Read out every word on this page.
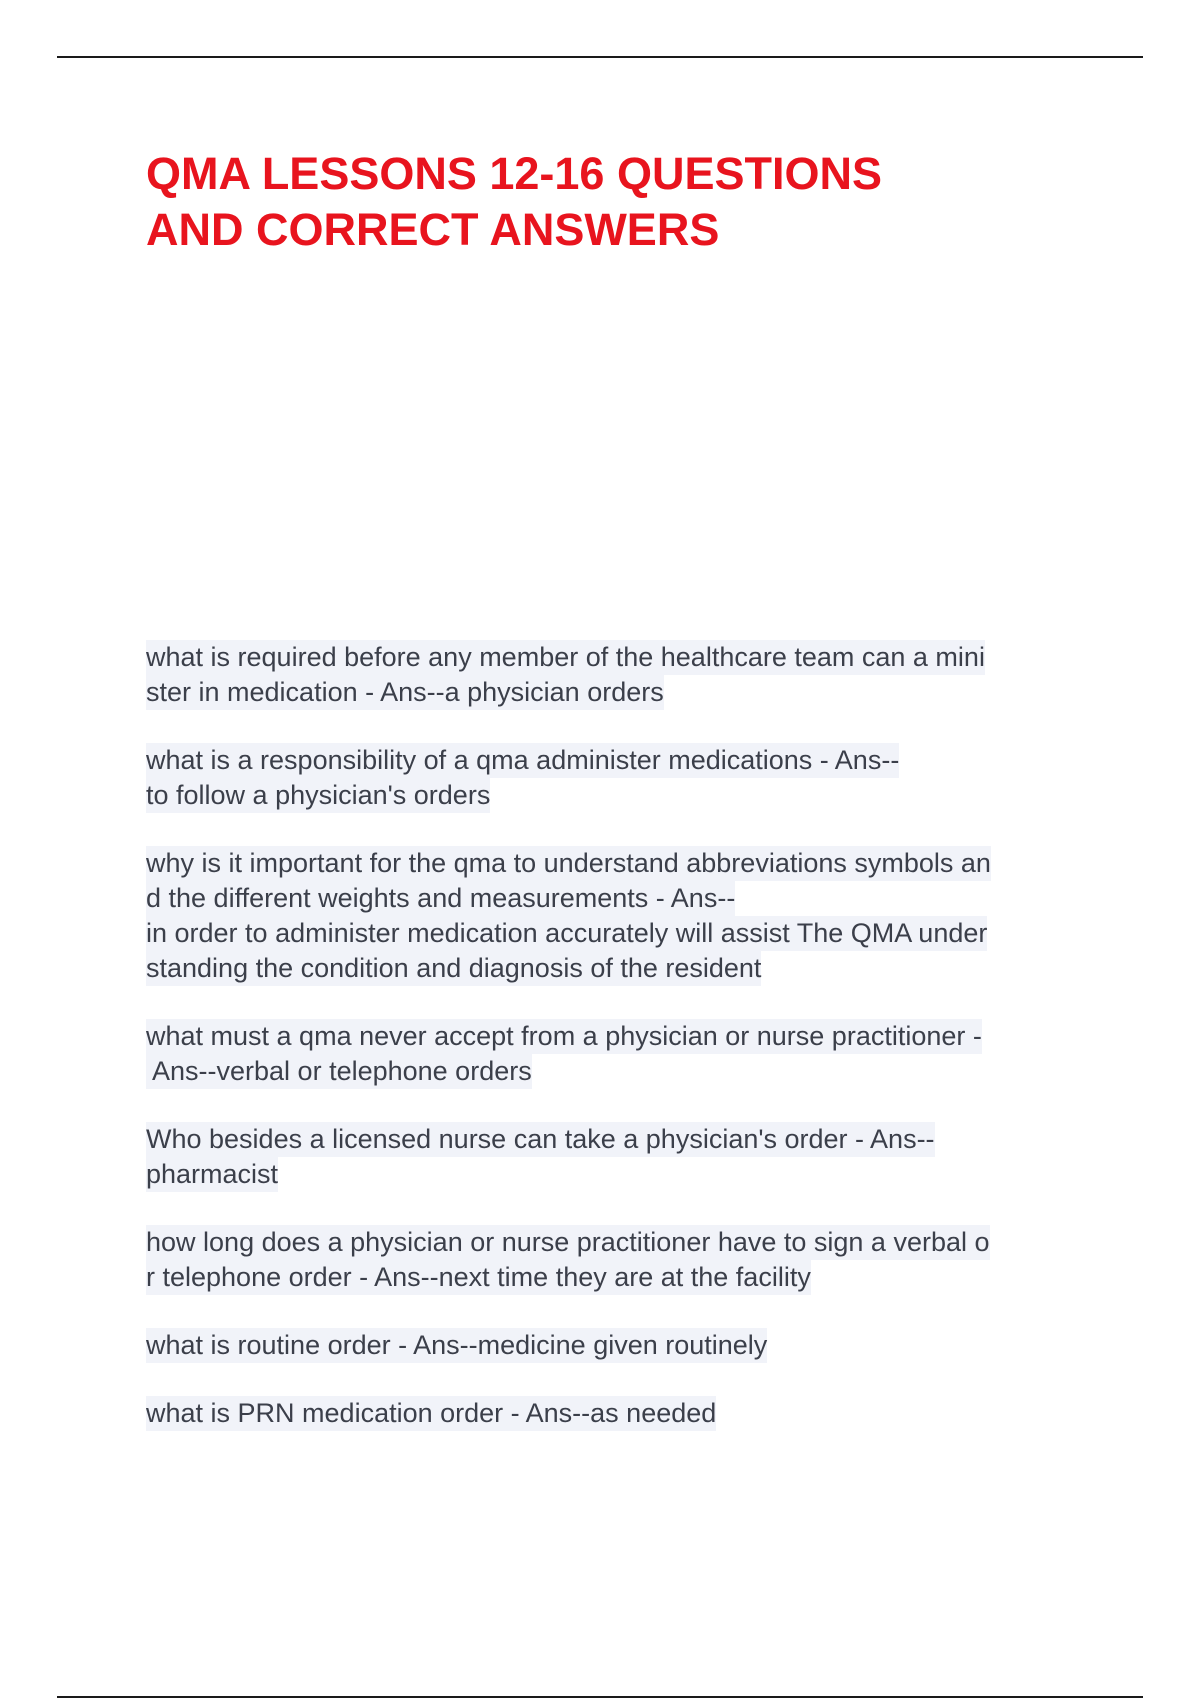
QMA LESSONS 12-16 QUESTIONS
AND CORRECT ANSWERS
what is required before any member of the healthcare team can a mini
ster in medication - Ans--a physician orders
what is a responsibility of a qma administer medications - Ans--
to follow a physician's orders
why is it important for the qma to understand abbreviations symbols an
d the different weights and measurements - Ans--
in order to administer medication accurately will assist The QMA under
standing the condition and diagnosis of the resident
what must a qma never accept from a physician or nurse practitioner -
Ans--verbal or telephone orders
Who besides a licensed nurse can take a physician's order - Ans--
pharmacist
how long does a physician or nurse practitioner have to sign a verbal o
r telephone order - Ans--next time they are at the facility
what is routine order - Ans--medicine given routinely
what is PRN medication order - Ans--as needed
